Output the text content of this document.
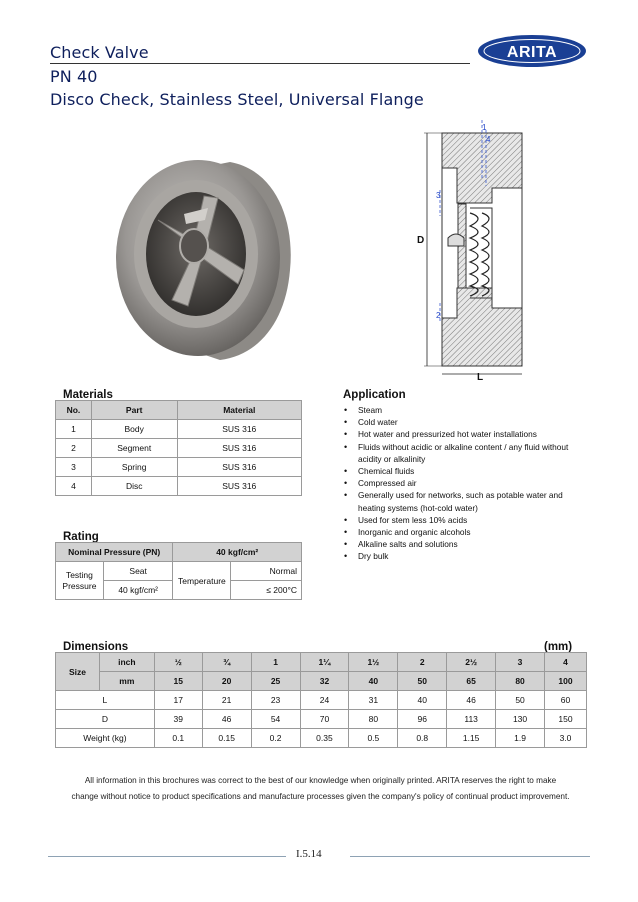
Check Valve
PN 40
Disco Check, Stainless Steel, Universal Flange
ARITA
1
4
3
2
D
L
Materials
No.	Part	Material
1	Body	SUS 316
2	Segment	SUS 316
3	Spring	SUS 316
4	Disc	SUS 316
Application
• Steam
• Cold water
• Hot water and pressurized hot water installations
• Fluids without acidic or alkaline content / any fluid without acidity or alkalinity
• Chemical fluids
• Compressed air
• Generally used for networks, such as potable water and heating systems (hot-cold water)
• Used for stem less 10% acids
• Inorganic and organic alcohols
• Alkaline salts and solutions
• Dry bulk
Rating
Nominal Pressure (PN)		40 kgf/cm²	
Testing Pressure	Seat	Temperature	Normal
	40 kgf/cm²		≤ 200°C
Dimensions	(mm)
Size	inch	½	¾	1	1¼	1½	2	2½	3	4
	mm	15	20	25	32	40	50	65	80	100
L		17	21	23	24	31	40	46	50	60
D		39	46	54	70	80	96	113	130	150
Weight (kg)		0.1	0.15	0.2	0.35	0.5	0.8	1.15	1.9	3.0
All information in this brochures was correct to the best of our knowledge when originally printed. ARITA reserves the right to make
change without notice to product specifications and manufacture processes given the company's policy of continual product improvement.
I.5.14
